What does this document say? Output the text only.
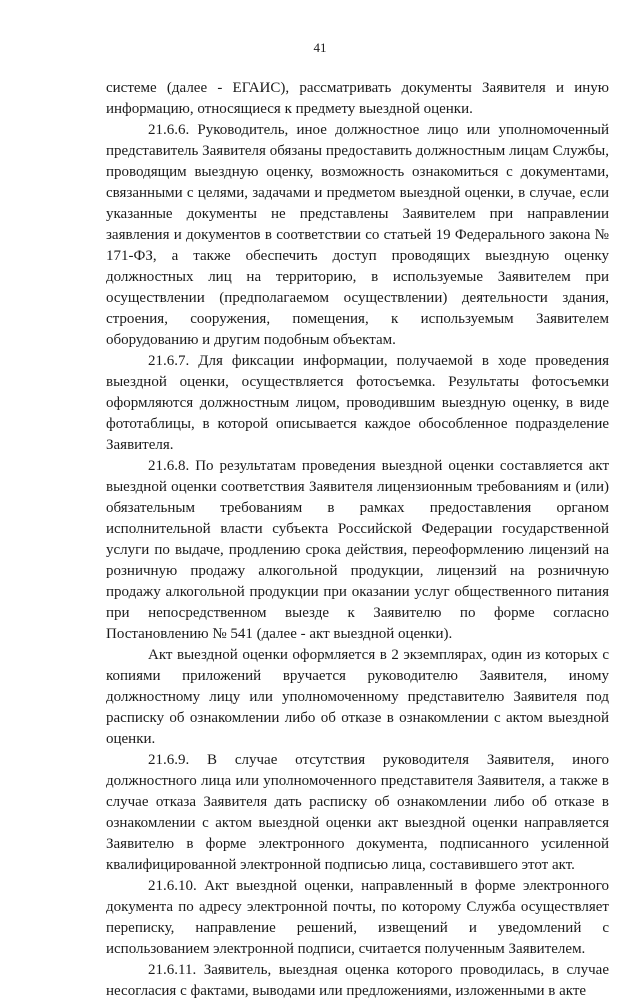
41

системе (далее - ЕГАИС), рассматривать документы Заявителя и иную информацию, относящиеся к предмету выездной оценки.

21.6.6. Руководитель, иное должностное лицо или уполномоченный представитель Заявителя обязаны предоставить должностным лицам Службы, проводящим выездную оценку, возможность ознакомиться с документами, связанными с целями, задачами и предметом выездной оценки, в случае, если указанные документы не представлены Заявителем при направлении заявления и документов в соответствии со статьей 19 Федерального закона № 171-ФЗ, а также обеспечить доступ проводящих выездную оценку должностных лиц на территорию, в используемые Заявителем при осуществлении (предполагаемом осуществлении) деятельности здания, строения, сооружения, помещения, к используемым Заявителем оборудованию и другим подобным объектам.

21.6.7. Для фиксации информации, получаемой в ходе проведения выездной оценки, осуществляется фотосъемка. Результаты фотосъемки оформляются должностным лицом, проводившим выездную оценку, в виде фототаблицы, в которой описывается каждое обособленное подразделение Заявителя.

21.6.8. По результатам проведения выездной оценки составляется акт выездной оценки соответствия Заявителя лицензионным требованиям и (или) обязательным требованиям в рамках предоставления органом исполнительной власти субъекта Российской Федерации государственной услуги по выдаче, продлению срока действия, переоформлению лицензий на розничную продажу алкогольной продукции, лицензий на розничную продажу алкогольной продукции при оказании услуг общественного питания при непосредственном выезде к Заявителю по форме согласно Постановлению № 541 (далее - акт выездной оценки).

Акт выездной оценки оформляется в 2 экземплярах, один из которых с копиями приложений вручается руководителю Заявителя, иному должностному лицу или уполномоченному представителю Заявителя под расписку об ознакомлении либо об отказе в ознакомлении с актом выездной оценки.

21.6.9. В случае отсутствия руководителя Заявителя, иного должностного лица или уполномоченного представителя Заявителя, а также в случае отказа Заявителя дать расписку об ознакомлении либо об отказе в ознакомлении с актом выездной оценки акт выездной оценки направляется Заявителю в форме электронного документа, подписанного усиленной квалифицированной электронной подписью лица, составившего этот акт.

21.6.10. Акт выездной оценки, направленный в форме электронного документа по адресу электронной почты, по которому Служба осуществляет переписку, направление решений, извещений и уведомлений с использованием электронной подписи, считается полученным Заявителем.

21.6.11. Заявитель, выездная оценка которого проводилась, в случае несогласия с фактами, выводами или предложениями, изложенными в акте
